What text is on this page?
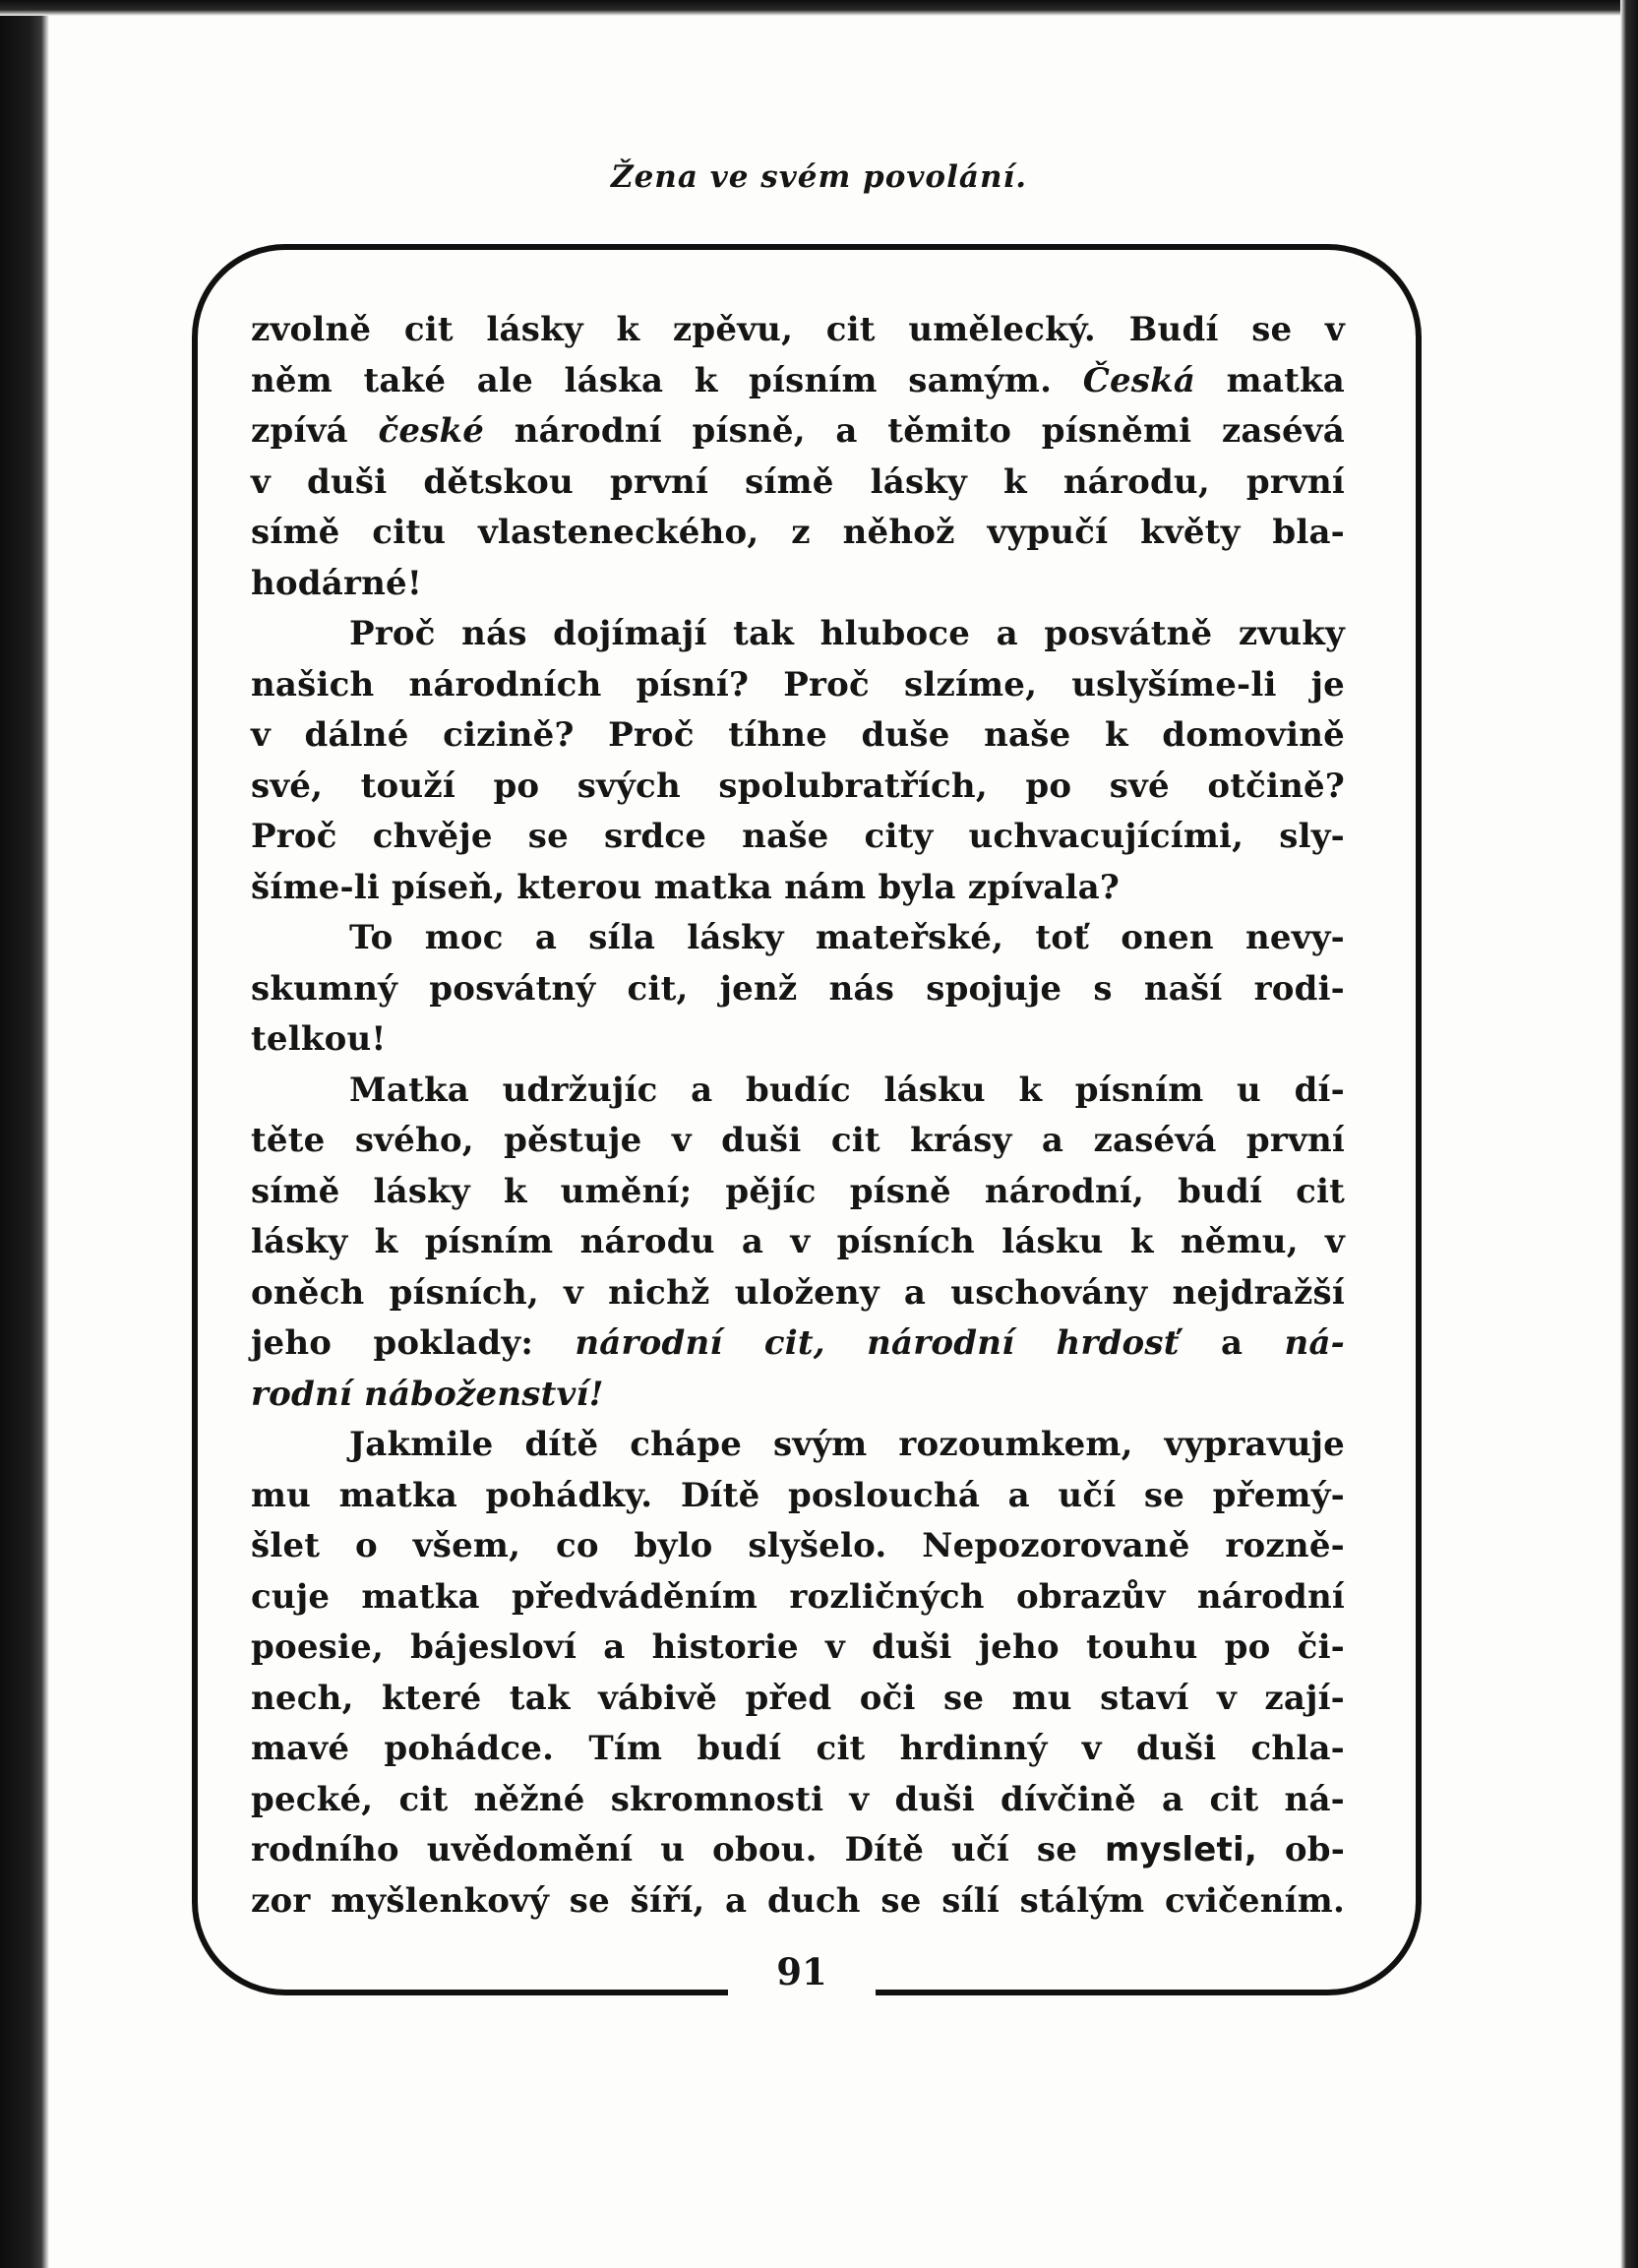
Žena ve svém povolání.
91
zvolně cit lásky k zpěvu, cit umělecký. Budí se v
něm také ale láska k písním samým. Česká matka
zpívá české národní písně, a těmito písněmi zasévá
v duši dětskou první símě lásky k národu, první
símě citu vlasteneckého, z něhož vypučí květy bla-
hodárné!
Proč nás dojímají tak hluboce a posvátně zvuky
našich národních písní? Proč slzíme, uslyšíme-li je
v dálné cizině? Proč tíhne duše naše k domovině
své, touží po svých spolubratřích, po své otčině?
Proč chvěje se srdce naše city uchvacujícími, sly-
šíme-li píseň, kterou matka nám byla zpívala?
To moc a síla lásky mateřské, toť onen nevy-
skumný posvátný cit, jenž nás spojuje s naší rodi-
telkou!
Matka udržujíc a budíc lásku k písním u dí-
těte svého, pěstuje v duši cit krásy a zasévá první
símě lásky k umění; pějíc písně národní, budí cit
lásky k písním národu a v písních lásku k němu, v
oněch písních, v nichž uloženy a uschovány nejdražší
jeho poklady: národní cit, národní hrdosť a ná-
rodní náboženství!
Jakmile dítě chápe svým rozoumkem, vypravuje
mu matka pohádky. Dítě poslouchá a učí se přemý-
šlet o všem, co bylo slyšelo. Nepozorovaně rozně-
cuje matka předváděním rozličných obrazův národní
poesie, bájesloví a historie v duši jeho touhu po či-
nech, které tak vábivě před oči se mu staví v zají-
mavé pohádce. Tím budí cit hrdinný v duši chla-
pecké, cit něžné skromnosti v duši dívčině a cit ná-
rodního uvědomění u obou. Dítě učí se mysleti, ob-
zor myšlenkový se šíří, a duch se sílí stálým cvičením.
